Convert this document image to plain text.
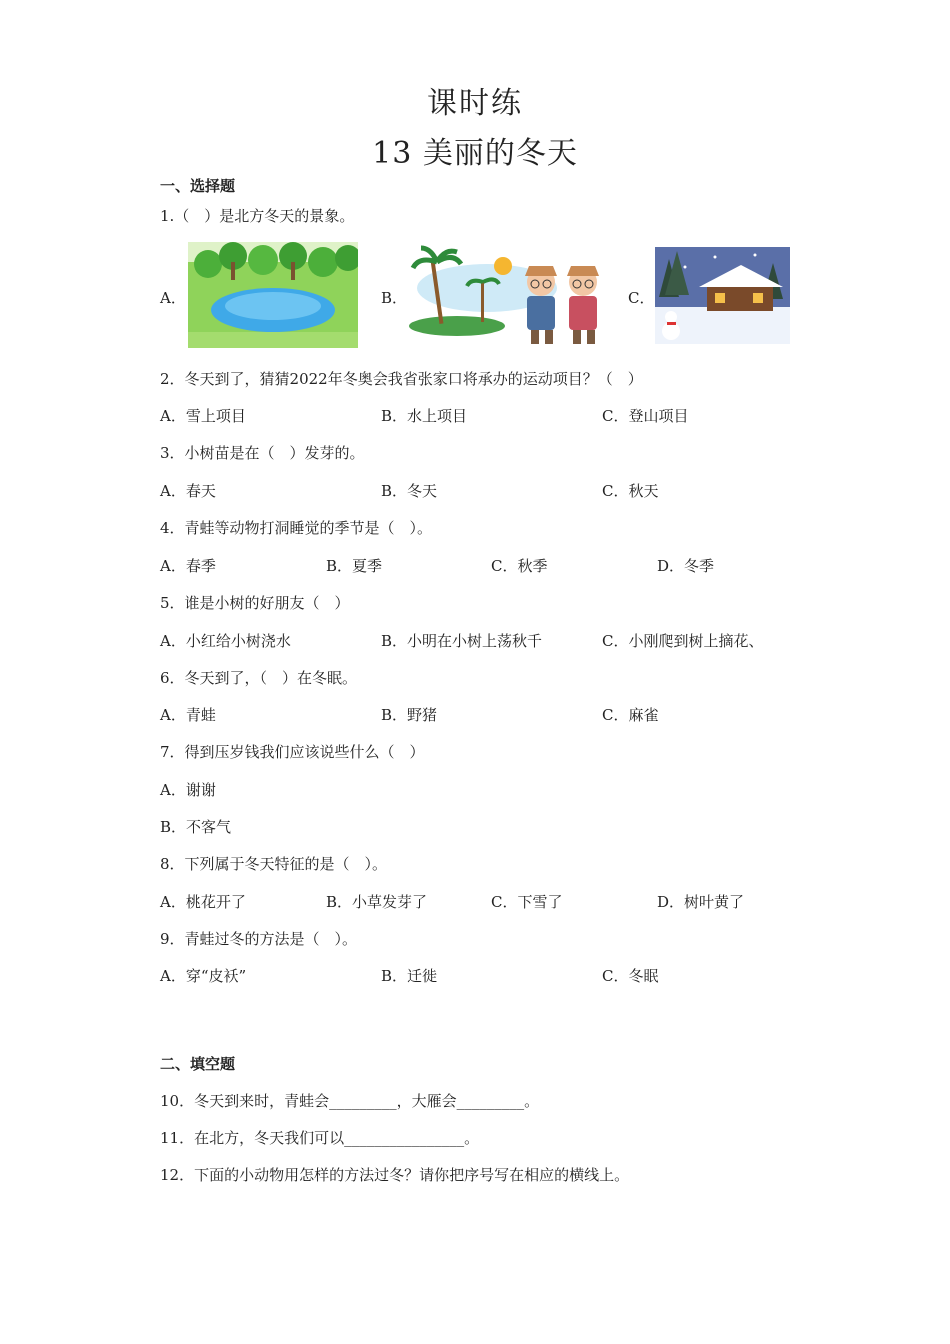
课时练
13 美丽的冬天
一、选择题
1.（　）是北方冬天的景象。
A．	B．	C．
2．冬天到了，猜猜2022年冬奥会我省张家口将承办的运动项目？（　）
A．雪上项目	B．水上项目	C．登山项目
3．小树苗是在（　）发芽的。
A．春天	B．冬天	C．秋天
4．青蛙等动物打洞睡觉的季节是（　）。
A．春季	B．夏季	C．秋季	D．冬季
5．谁是小树的好朋友（　）
A．小红给小树浇水	B．小明在小树上荡秋千	C．小刚爬到树上摘花、
6．冬天到了，（　）在冬眠。
A．青蛙	B．野猪	C．麻雀
7．得到压岁钱我们应该说些什么（　）
A．谢谢
B．不客气
8．下列属于冬天特征的是（　）。
A．桃花开了	B．小草发芽了	C．下雪了	D．树叶黄了
9．青蛙过冬的方法是（　）。
A．穿“皮袄”	B．迁徙	C．冬眠
二、填空题
10．冬天到来时，青蛙会_________，大雁会_________。
11．在北方，冬天我们可以________________。
12．下面的小动物用怎样的方法过冬？请你把序号写在相应的横线上。
